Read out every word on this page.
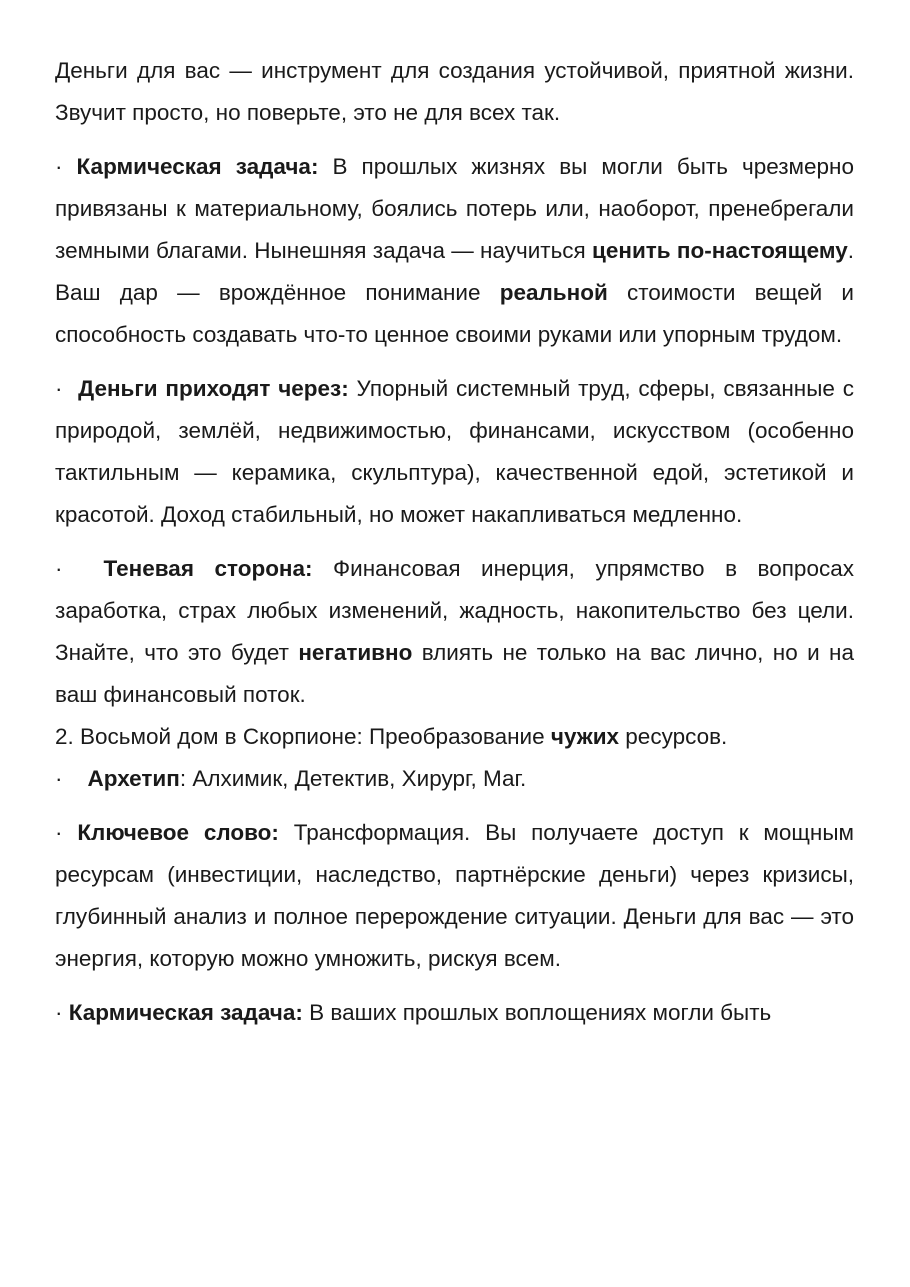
Деньги для вас — инструмент для создания устойчивой, приятной жизни. Звучит просто, но поверьте, это не для всех так.

· Кармическая задача: В прошлых жизнях вы могли быть чрезмерно привязаны к материальному, боялись потерь или, наоборот, пренебрегали земными благами. Нынешняя задача — научиться ценить по‑настоящему. Ваш дар — врождённое понимание реальной стоимости вещей и способность создавать что‑то ценное своими руками или упорным трудом.

· Деньги приходят через: Упорный системный труд, сферы, связанные с природой, землёй, недвижимостью, финансами, искусством (особенно тактильным — керамика, скульптура), качественной едой, эстетикой и красотой. Доход стабильный, но может накапливаться медленно.

· Теневая сторона: Финансовая инерция, упрямство в вопросах заработка, страх любых изменений, жадность, накопительство без цели. Знайте, что это будет негативно влиять не только на вас лично, но и на ваш финансовый поток.

2. Восьмой дом в Скорпионе: Преобразование чужих ресурсов.

· Архетип: Алхимик, Детектив, Хирург, Маг.

· Ключевое слово: Трансформация. Вы получаете доступ к мощным ресурсам (инвестиции, наследство, партнёрские деньги) через кризисы, глубинный анализ и полное перерождение ситуации. Деньги для вас — это энергия, которую можно умножить, рискуя всем.

· Кармическая задача: В ваших прошлых воплощениях могли быть
